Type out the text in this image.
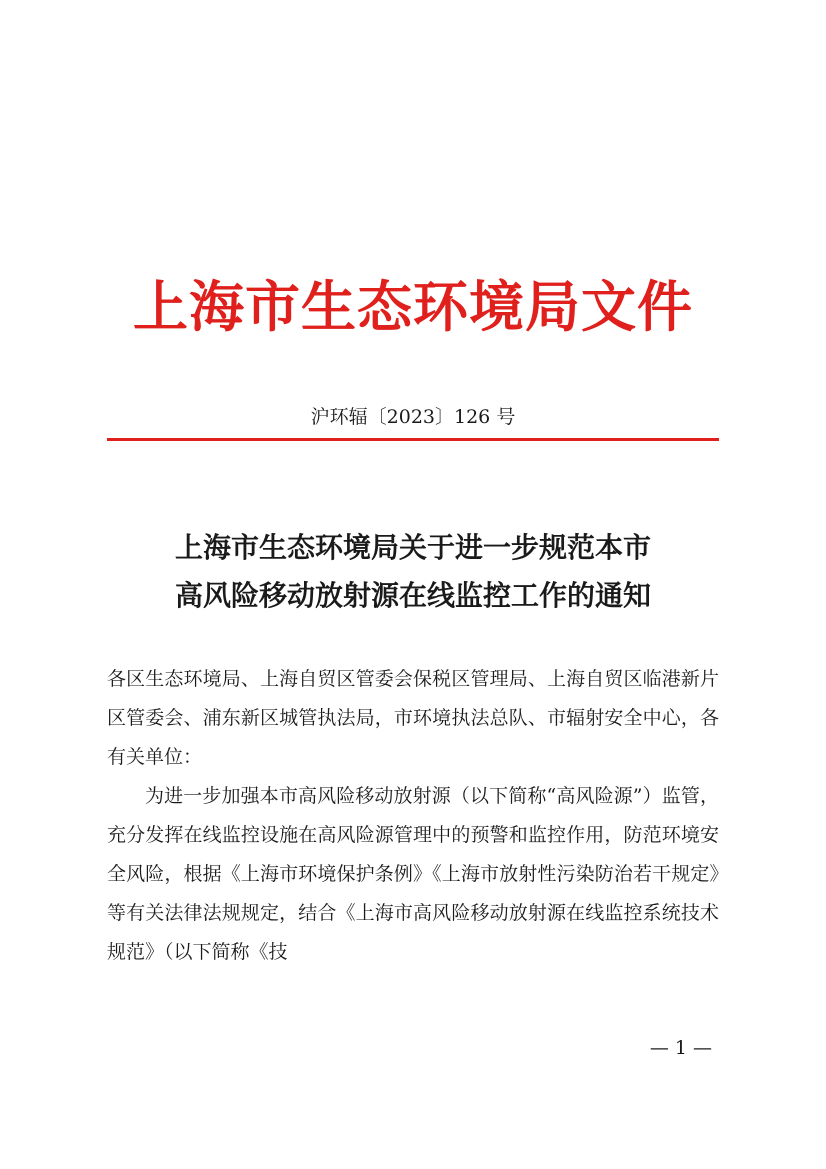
上海市生态环境局文件
沪环辐〔2023〕126 号
上海市生态环境局关于进一步规范本市
高风险移动放射源在线监控工作的通知

各区生态环境局、上海自贸区管委会保税区管理局、上海自贸区临港新片区管委会、浦东新区城管执法局，市环境执法总队、市辐射安全中心，各有关单位：

为进一步加强本市高风险移动放射源（以下简称“高风险源”）监管，充分发挥在线监控设施在高风险源管理中的预警和监控作用，防范环境安全风险，根据《上海市环境保护条例》《上海市放射性污染防治若干规定》等有关法律法规规定，结合《上海市高风险移动放射源在线监控系统技术规范》（以下简称《技

— 1 —
